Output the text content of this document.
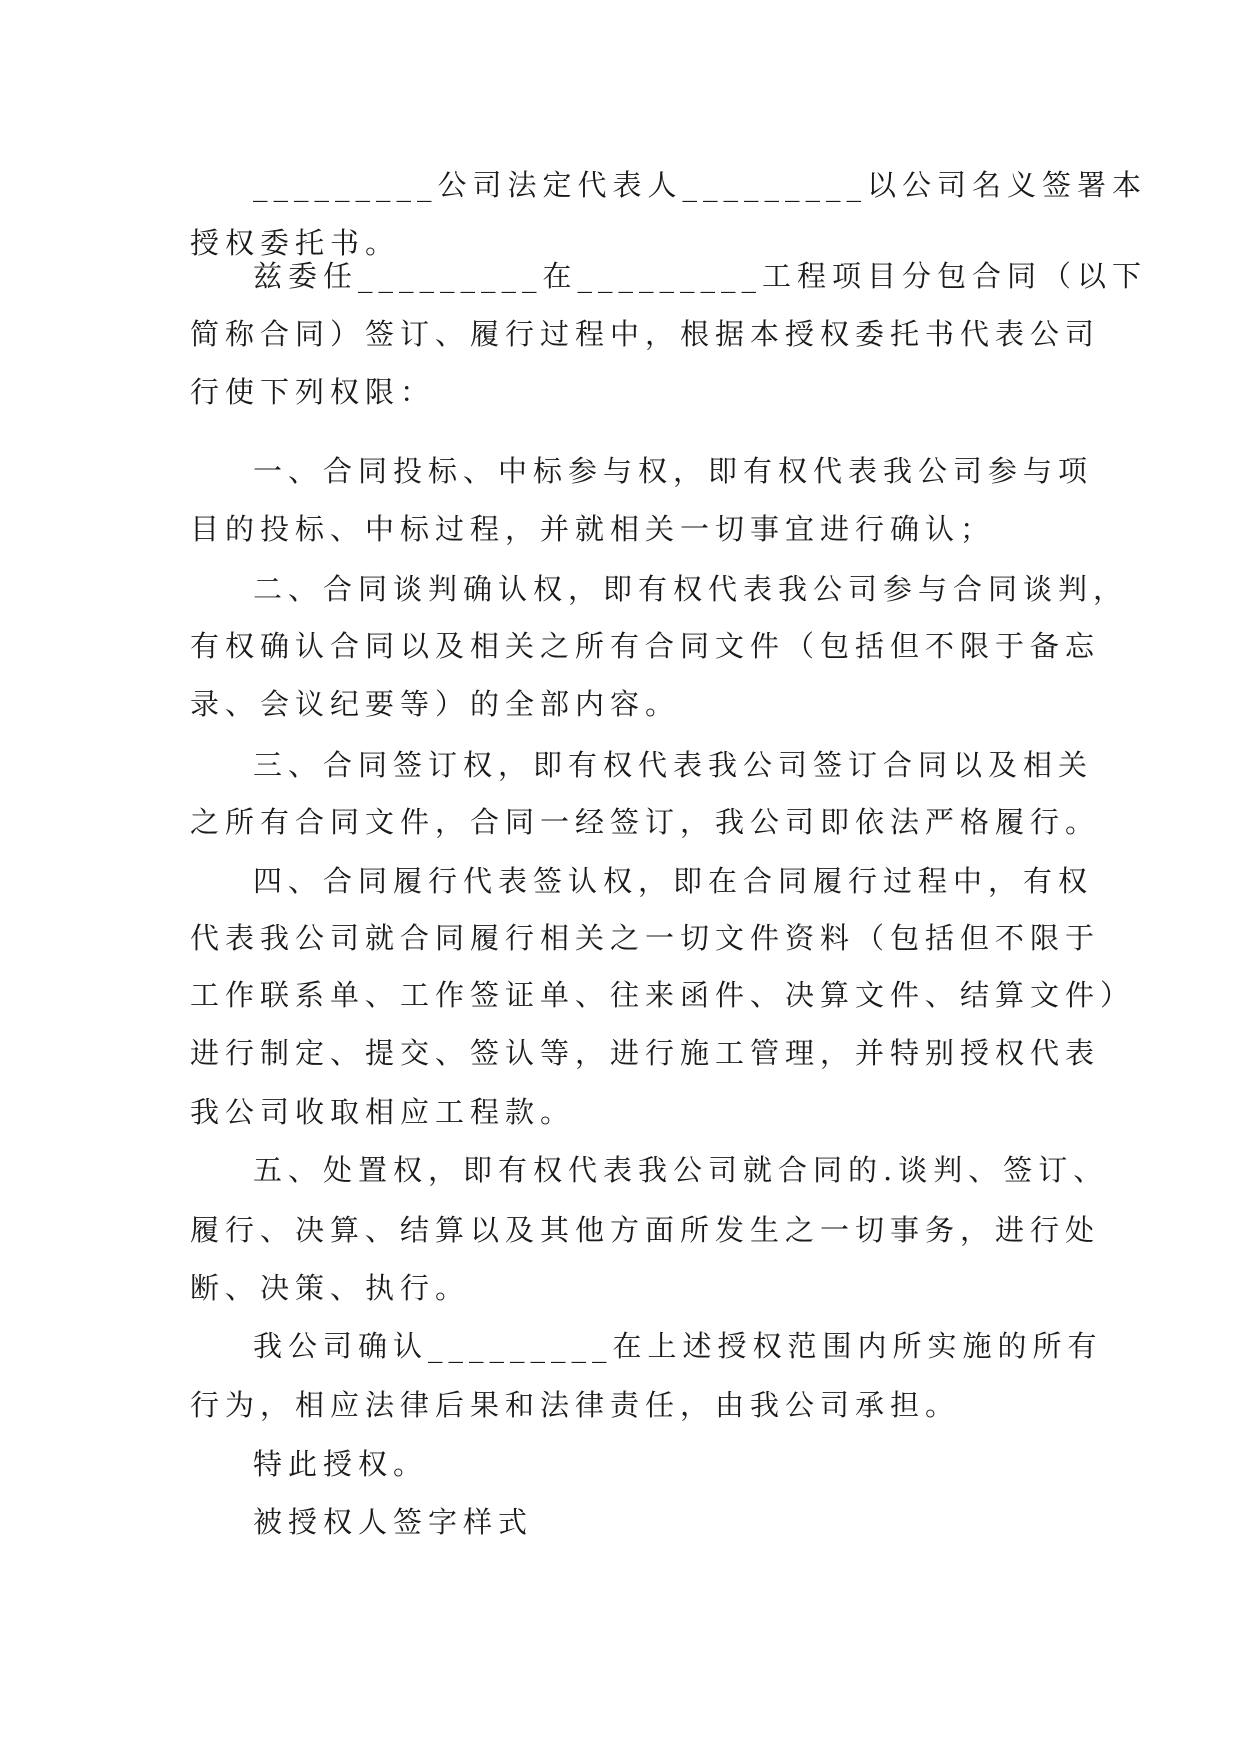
_________公司法定代表人_________以公司名义签署本
授权委托书。
兹委任_________在_________工程项目分包合同（以下
简称合同）签订、履行过程中，根据本授权委托书代表公司
行使下列权限：
一、合同投标、中标参与权，即有权代表我公司参与项
目的投标、中标过程，并就相关一切事宜进行确认；
二、合同谈判确认权，即有权代表我公司参与合同谈判，
有权确认合同以及相关之所有合同文件（包括但不限于备忘
录、会议纪要等）的全部内容。
三、合同签订权，即有权代表我公司签订合同以及相关
之所有合同文件，合同一经签订，我公司即依法严格履行。
四、合同履行代表签认权，即在合同履行过程中，有权
代表我公司就合同履行相关之一切文件资料（包括但不限于
工作联系单、工作签证单、往来函件、决算文件、结算文件）
进行制定、提交、签认等，进行施工管理，并特别授权代表
我公司收取相应工程款。
五、处置权，即有权代表我公司就合同的.谈判、签订、
履行、决算、结算以及其他方面所发生之一切事务，进行处
断、决策、执行。
我公司确认_________在上述授权范围内所实施的所有
行为，相应法律后果和法律责任，由我公司承担。
特此授权。
被授权人签字样式
